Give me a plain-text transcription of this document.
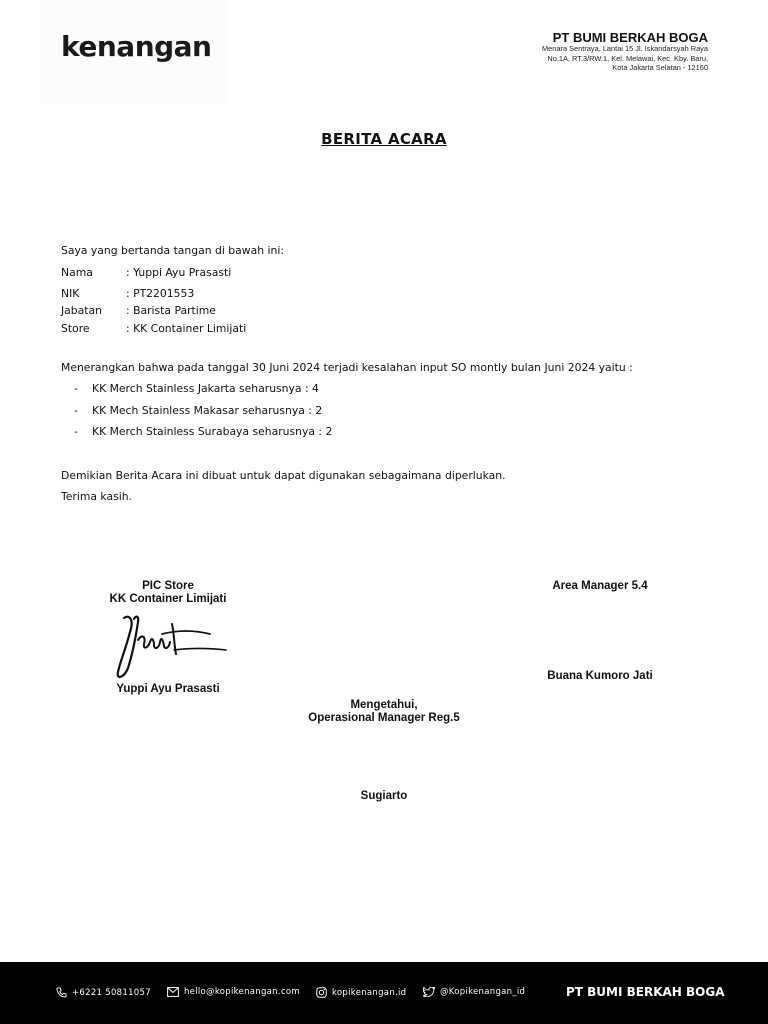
kenangan	PT BUMI BERKAH BOGA
Menara Sentraya, Lantai 15 Jl. Iskandarsyah Raya
No.1A, RT.3/RW.1, Kel. Melawai, Kec. Kby. Baru,
Kota Jakarta Selatan - 12160
BERITA ACARA
Saya yang bertanda tangan di bawah ini:
Nama	: Yuppi Ayu Prasasti
NIK	: PT2201553
Jabatan : Barista Partime
Store	: KK Container Limijati
Menerangkan bahwa pada tanggal 30 Juni 2024 terjadi kesalahan input SO montly bulan Juni 2024 yaitu :
- KK Merch Stainless Jakarta seharusnya : 4
- KK Mech Stainless Makasar seharusnya : 2
- KK Merch Stainless Surabaya seharusnya : 2
Demikian Berita Acara ini dibuat untuk dapat digunakan sebagaimana diperlukan.
Terima kasih.
PIC Store
KK Container Limijati
Yuppi Ayu Prasasti
Area Manager 5.4
Buana Kumoro Jati
Mengetahui,
Operasional Manager Reg.5
Sugiarto
+6221 50811057	hello@kopikenangan.com	kopikenangan.id	@Kopikenangan_id	PT BUMI BERKAH BOGA
